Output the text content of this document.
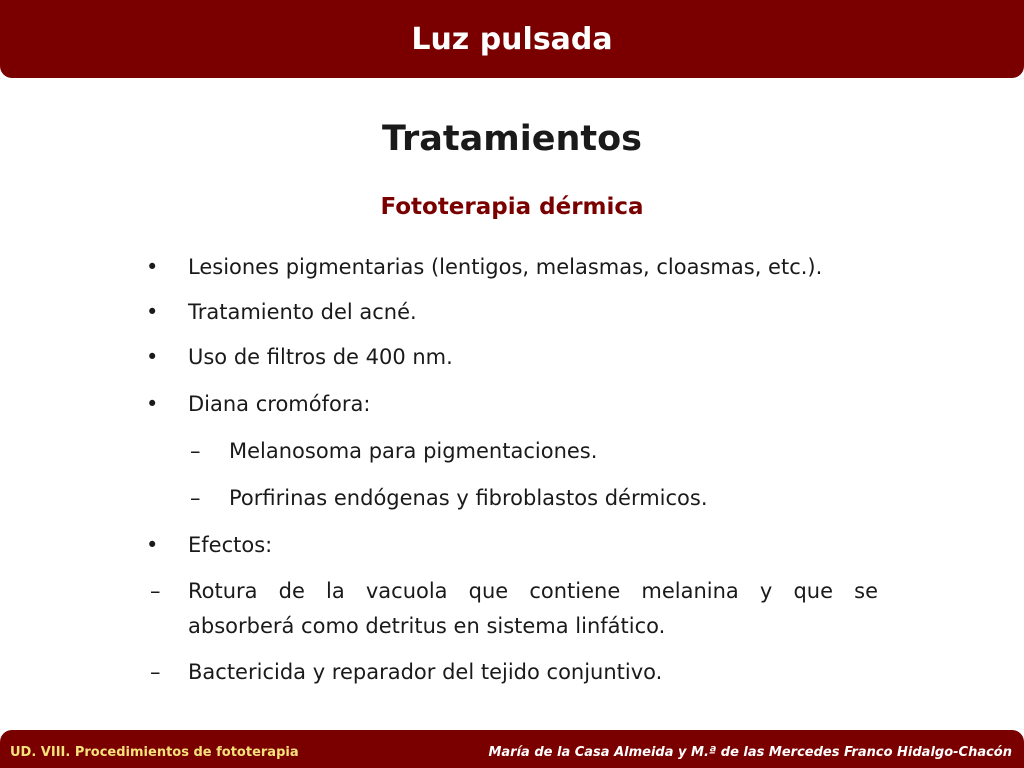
Luz pulsada
Tratamientos
Fototerapia dérmica
• Lesiones pigmentarias (lentigos, melasmas, cloasmas, etc.).
• Tratamiento del acné.
• Uso de filtros de 400 nm.
• Diana cromófora:
– Melanosoma para pigmentaciones.
– Porfirinas endógenas y fibroblastos dérmicos.
• Efectos:
– Rotura de la vacuola que contiene melanina y que se
absorberá como detritus en sistema linfático.
– Bactericida y reparador del tejido conjuntivo.
UD. VIII. Procedimientos de fototerapia	María de la Casa Almeida y M.ª de las Mercedes Franco Hidalgo-Chacón
